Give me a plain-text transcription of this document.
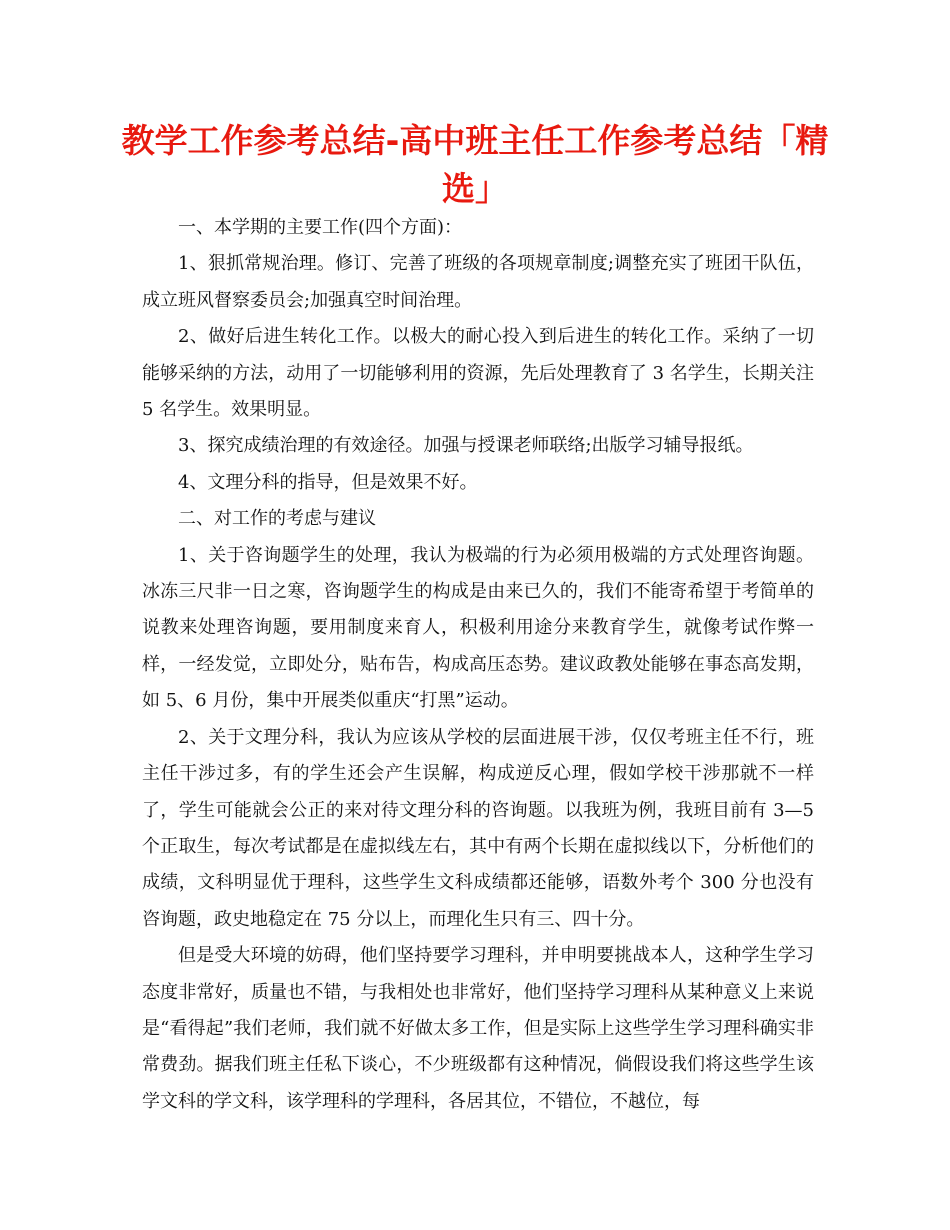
教学工作参考总结-高中班主任工作参考总结「精选」

一、本学期的主要工作(四个方面)：

1、狠抓常规治理。修订、完善了班级的各项规章制度;调整充实了班团干队伍，成立班风督察委员会;加强真空时间治理。

2、做好后进生转化工作。以极大的耐心投入到后进生的转化工作。采纳了一切能够采纳的方法，动用了一切能够利用的资源，先后处理教育了 3 名学生，长期关注 5 名学生。效果明显。

3、探究成绩治理的有效途径。加强与授课老师联络;出版学习辅导报纸。

4、文理分科的指导，但是效果不好。

二、对工作的考虑与建议

1、关于咨询题学生的处理，我认为极端的行为必须用极端的方式处理咨询题。冰冻三尺非一日之寒，咨询题学生的构成是由来已久的，我们不能寄希望于考简单的说教来处理咨询题，要用制度来育人，积极利用途分来教育学生，就像考试作弊一样，一经发觉，立即处分，贴布告，构成高压态势。建议政教处能够在事态高发期，如 5、6 月份，集中开展类似重庆“打黑”运动。

2、关于文理分科，我认为应该从学校的层面进展干涉，仅仅考班主任不行，班主任干涉过多，有的学生还会产生误解，构成逆反心理，假如学校干涉那就不一样了，学生可能就会公正的来对待文理分科的咨询题。以我班为例，我班目前有 3—5 个正取生，每次考试都是在虚拟线左右，其中有两个长期在虚拟线以下，分析他们的成绩，文科明显优于理科，这些学生文科成绩都还能够，语数外考个 300 分也没有咨询题，政史地稳定在 75 分以上，而理化生只有三、四十分。

但是受大环境的妨碍，他们坚持要学习理科，并申明要挑战本人，这种学生学习态度非常好，质量也不错，与我相处也非常好，他们坚持学习理科从某种意义上来说是“看得起”我们老师，我们就不好做太多工作，但是实际上这些学生学习理科确实非常费劲。据我们班主任私下谈心，不少班级都有这种情况，倘假设我们将这些学生该学文科的学文科，该学理科的学理科，各居其位，不错位，不越位，每
